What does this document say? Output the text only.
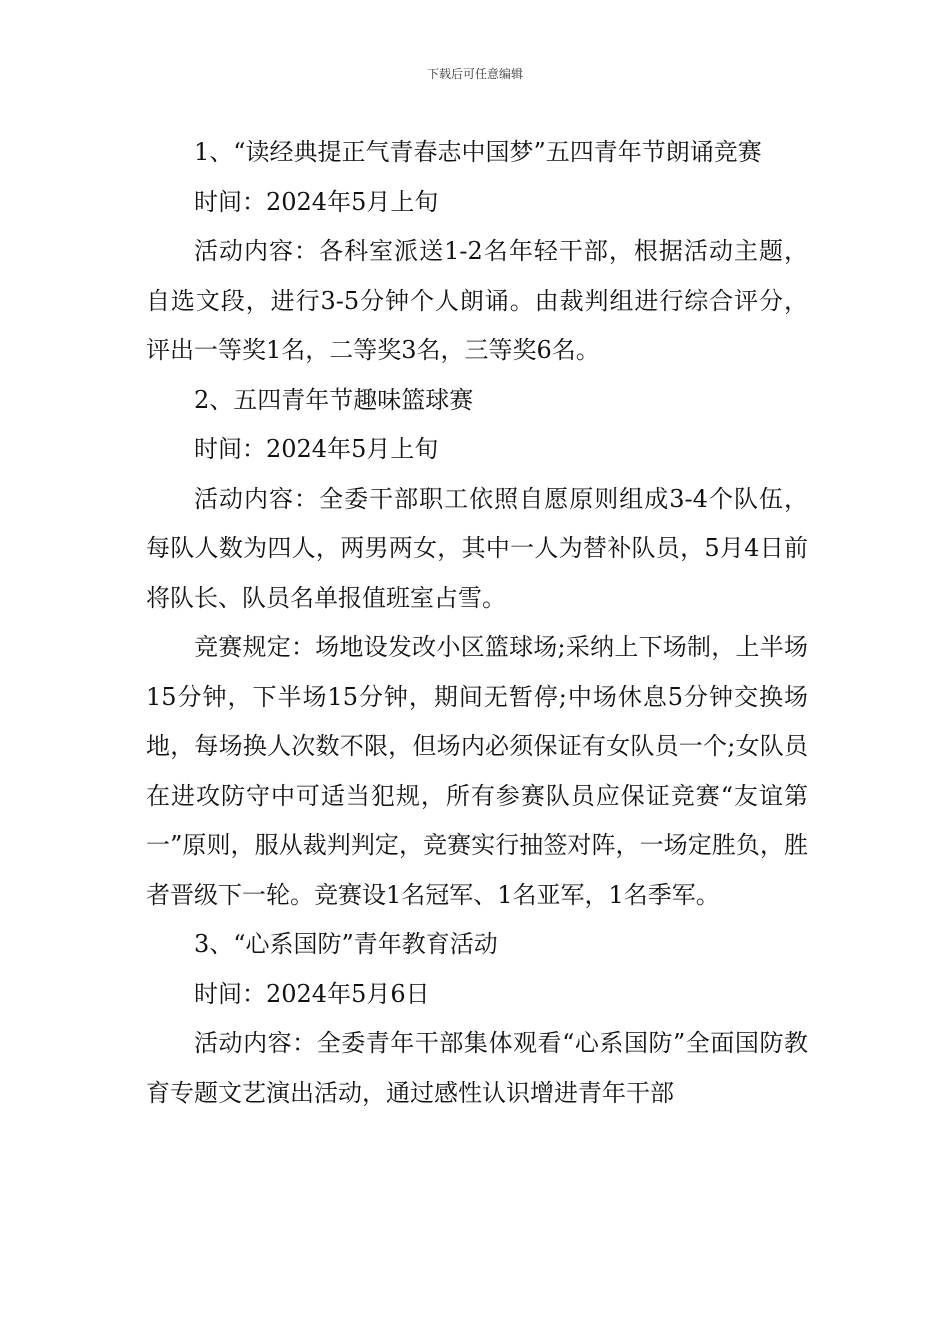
下载后可任意编辑

1、“读经典提正气青春志中国梦”五四青年节朗诵竞赛

时间：2024年5月上旬

活动内容：各科室派送1-2名年轻干部，根据活动主题，自选文段，进行3-5分钟个人朗诵。由裁判组进行综合评分，评出一等奖1名，二等奖3名，三等奖6名。

2、五四青年节趣味篮球赛

时间：2024年5月上旬

活动内容：全委干部职工依照自愿原则组成3-4个队伍，每队人数为四人，两男两女，其中一人为替补队员，5月4日前将队长、队员名单报值班室占雪。

竞赛规定：场地设发改小区篮球场;采纳上下场制，上半场15分钟，下半场15分钟，期间无暂停;中场休息5分钟交换场地，每场换人次数不限，但场内必须保证有女队员一个;女队员在进攻防守中可适当犯规，所有参赛队员应保证竞赛“友谊第一”原则，服从裁判判定，竞赛实行抽签对阵，一场定胜负，胜者晋级下一轮。竞赛设1名冠军、1名亚军，1名季军。

3、“心系国防”青年教育活动

时间：2024年5月6日

活动内容：全委青年干部集体观看“心系国防”全面国防教育专题文艺演出活动，通过感性认识增进青年干部
